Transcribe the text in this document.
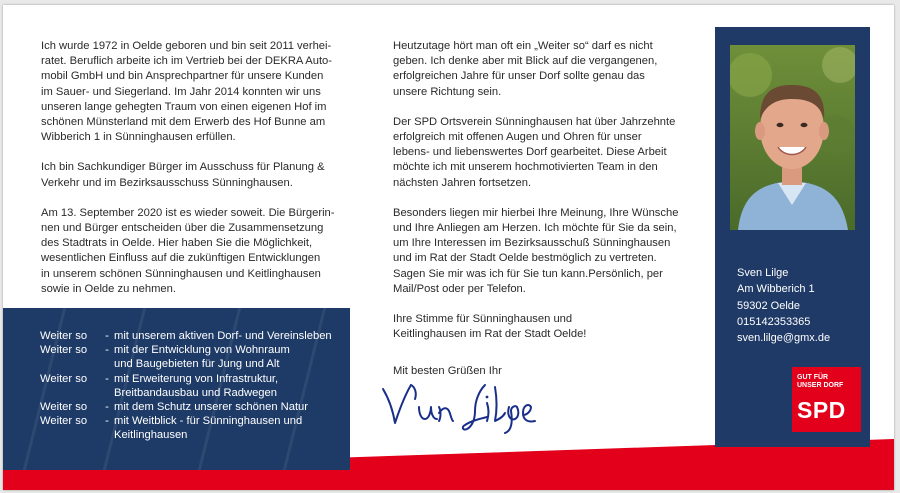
Ich wurde 1972 in Oelde geboren und bin seit 2011 verhei-
ratet. Beruflich arbeite ich im Vertrieb bei der DEKRA Auto-
mobil GmbH und bin Ansprechpartner für unsere Kunden
im Sauer- und Siegerland. Im Jahr 2014 konnten wir uns
unseren lange gehegten Traum von einen eigenen Hof im
schönen Münsterland mit dem Erwerb des Hof Bunne am
Wibberich 1 in Sünninghausen erfüllen.

Ich bin Sachkundiger Bürger im Ausschuss für Planung &
Verkehr und im Bezirksausschuss Sünninghausen.

Am 13. September 2020 ist es wieder soweit. Die Bürgerin-
nen und Bürger entscheiden über die Zusammensetzung
des Stadtrats in Oelde. Hier haben Sie die Möglichkeit,
wesentlichen Einfluss auf die zukünftigen Entwicklungen
in unserem schönen Sünninghausen und Keitlinghausen
sowie in Oelde zu nehmen.

Heutzutage hört man oft ein „Weiter so“ darf es nicht
geben. Ich denke aber mit Blick auf die vergangenen,
erfolgreichen Jahre für unser Dorf sollte genau das
unsere Richtung sein.

Der SPD Ortsverein Sünninghausen hat über Jahrzehnte
erfolgreich mit offenen Augen und Ohren für unser
lebens- und liebenswertes Dorf gearbeitet. Diese Arbeit
möchte ich mit unserem hochmotivierten Team in den
nächsten Jahren fortsetzen.

Besonders liegen mir hierbei Ihre Meinung, Ihre Wünsche
und Ihre Anliegen am Herzen. Ich möchte für Sie da sein,
um Ihre Interessen im Bezirksausschuß Sünninghausen
und im Rat der Stadt Oelde bestmöglich zu vertreten.
Sagen Sie mir was ich für Sie tun kann.Persönlich, per
Mail/Post oder per Telefon.

Ihre Stimme für Sünninghausen und
Keitlinghausen im Rat der Stadt Oelde!

Weiter so	- mit unserem aktiven Dorf- und Vereinsleben
Weiter so	- mit der Entwicklung von Wohnraum
und Baugebieten für Jung und Alt
Weiter so	- mit Erweiterung von Infrastruktur,
Breitbandausbau und Radwegen
Weiter so	- mit dem Schutz unserer schönen Natur
Weiter so	- mit Weitblick - für Sünninghausen und
Keitlinghausen
Mit besten Grüßen Ihr
Sven Lilge
Am Wibberich 1
59302 Oelde
015142353365
sven.lilge@gmx.de
GUT FÜR
UNSER DORF
SPD
